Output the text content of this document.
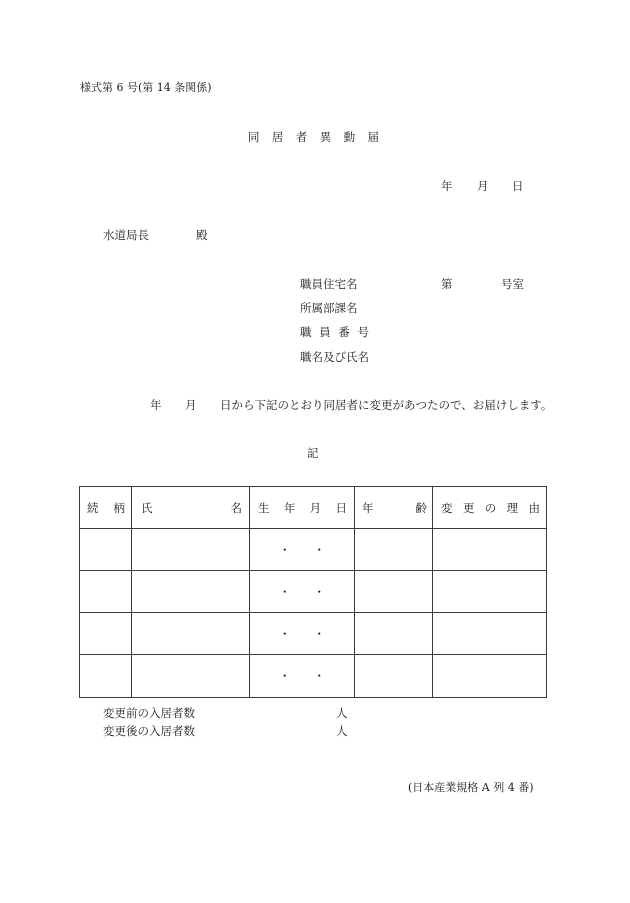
様式第 6 号(第 14 条関係)
同 居 者 異 動 届
年 月 日
水道局長	殿
職員住宅名	第	号室
所属部課名
職 員 番 号
職名及び氏名
年 月 日から下記のとおり同居者に変更があつたので、お届けします。
記
続 柄	氏 名	生 年 月 日	年 齢	変 更 の 理 由
		・　　・		
		・　　・		
		・　　・		
		・　　・		
変更前の入居者数	人
変更後の入居者数	人
(日本産業規格 A 列 4 番)
